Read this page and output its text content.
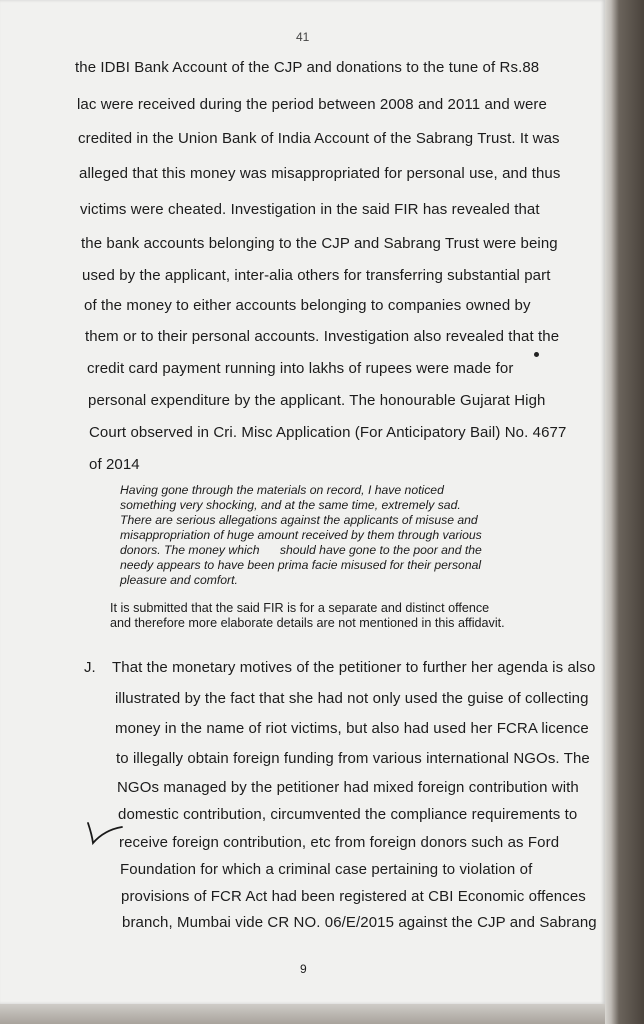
41
the IDBI Bank Account of the CJP and donations to the tune of Rs.88
lac were received during the period between 2008 and 2011 and were
credited in the Union Bank of India Account of the Sabrang Trust. It was
alleged that this money was misappropriated for personal use, and thus
victims were cheated. Investigation in the said FIR has revealed that
the bank accounts belonging to the CJP and Sabrang Trust were being
used by the applicant, inter-alia others for transferring substantial part
of the money to either accounts belonging to companies owned by
them or to their personal accounts. Investigation also revealed that the
credit card payment running into lakhs of rupees were made for
personal expenditure by the applicant. The honourable Gujarat High
Court observed in Cri. Misc Application (For Anticipatory Bail) No. 4677
of 2014
Having gone through the materials on record, I have noticed
something very shocking, and at the same time, extremely sad.
There are serious allegations against the applicants of misuse and
misappropriation of huge amount received by them through various
donors. The money which      should have gone to the poor and the
needy appears to have been prima facie misused for their personal
pleasure and comfort.
It is submitted that the said FIR is for a separate and distinct offence
and therefore more elaborate details are not mentioned in this affidavit.
J. That the monetary motives of the petitioner to further her agenda is also
illustrated by the fact that she had not only used the guise of collecting
money in the name of riot victims, but also had used her FCRA licence
to illegally obtain foreign funding from various international NGOs. The
NGOs managed by the petitioner had mixed foreign contribution with
domestic contribution, circumvented the compliance requirements to
receive foreign contribution, etc from foreign donors such as Ford
Foundation for which a criminal case pertaining to violation of
provisions of FCR Act had been registered at CBI Economic offences
branch, Mumbai vide CR NO. 06/E/2015 against the CJP and Sabrang
9
